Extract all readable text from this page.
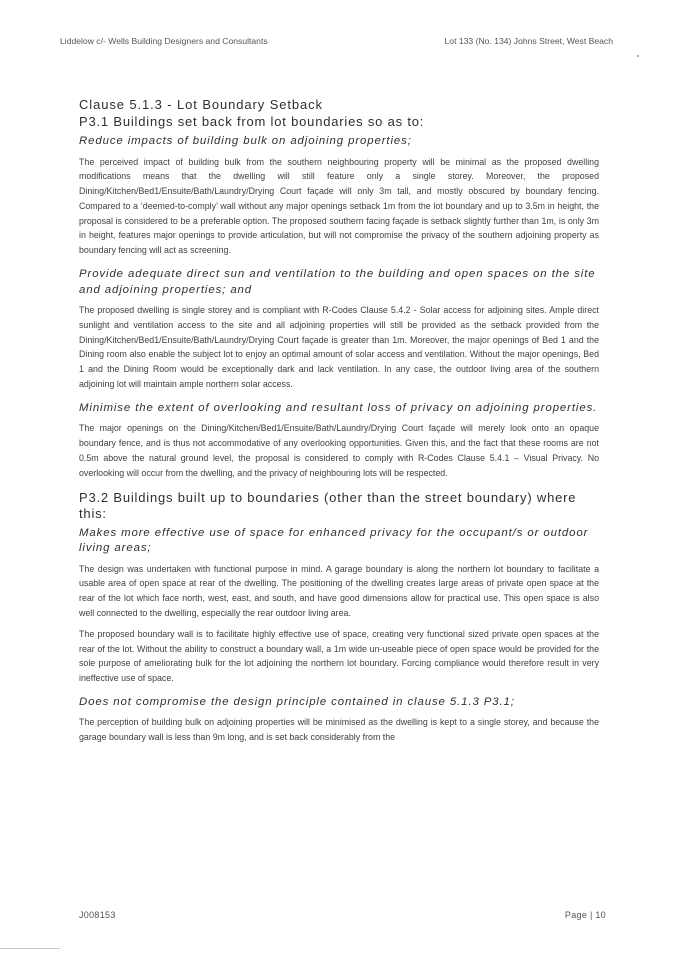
Liddelow c/- Wells Building Designers and Consultants	Lot 133 (No. 134) Johns Street, West Beach
Clause 5.1.3 - Lot Boundary Setback
P3.1 Buildings set back from lot boundaries so as to:
Reduce impacts of building bulk on adjoining properties;

The perceived impact of building bulk from the southern neighbouring property will be minimal as the proposed dwelling modifications means that the dwelling will still feature only a single storey. Moreover, the proposed Dining/Kitchen/Bed1/Ensuite/Bath/Laundry/Drying Court façade will only 3m tall, and mostly obscured by boundary fencing. Compared to a ‘deemed-to-comply’ wall without any major openings setback 1m from the lot boundary and up to 3.5m in height, the proposal is considered to be a preferable option. The proposed southern facing façade is setback slightly further than 1m, is only 3m in height, features major openings to provide articulation, but will not compromise the privacy of the southern adjoining property as boundary fencing will act as screening.

Provide adequate direct sun and ventilation to the building and open spaces on the site and adjoining properties; and

The proposed dwelling is single storey and is compliant with R-Codes Clause 5.4.2 - Solar access for adjoining sites. Ample direct sunlight and ventilation access to the site and all adjoining properties will still be provided as the setback provided from the Dining/Kitchen/Bed1/Ensuite/Bath/Laundry/Drying Court façade is greater than 1m. Moreover, the major openings of Bed 1 and the Dining room also enable the subject lot to enjoy an optimal amount of solar access and ventilation. Without the major openings, Bed 1 and the Dining Room would be exceptionally dark and lack ventilation. In any case, the outdoor living area of the southern adjoining lot will maintain ample northern solar access.

Minimise the extent of overlooking and resultant loss of privacy on adjoining properties.

The major openings on the Dining/Kitchen/Bed1/Ensuite/Bath/Laundry/Drying Court façade will merely look onto an opaque boundary fence, and is thus not accommodative of any overlooking opportunities. Given this, and the fact that these rooms are not 0.5m above the natural ground level, the proposal is considered to comply with R-Codes Clause 5.4.1 – Visual Privacy. No overlooking will occur from the dwelling, and the privacy of neighbouring lots will be respected.

P3.2 Buildings built up to boundaries (other than the street boundary) where this:
Makes more effective use of space for enhanced privacy for the occupant/s or outdoor living areas;

The design was undertaken with functional purpose in mind. A garage boundary is along the northern lot boundary to facilitate a usable area of open space at rear of the dwelling. The positioning of the dwelling creates large areas of private open space at the rear of the lot which face north, west, east, and south, and have good dimensions allow for practical use. This open space is also well connected to the dwelling, especially the rear outdoor living area.

The proposed boundary wall is to facilitate highly effective use of space, creating very functional sized private open spaces at the rear of the lot. Without the ability to construct a boundary wall, a 1m wide un-useable piece of open space would be provided for the sole purpose of ameliorating bulk for the lot adjoining the northern lot boundary. Forcing compliance would therefore result in very ineffective use of space.

Does not compromise the design principle contained in clause 5.1.3 P3.1;

The perception of building bulk on adjoining properties will be minimised as the dwelling is kept to a single storey, and because the garage boundary wall is less than 9m long, and is set back considerably from the

J008153	Page | 10
